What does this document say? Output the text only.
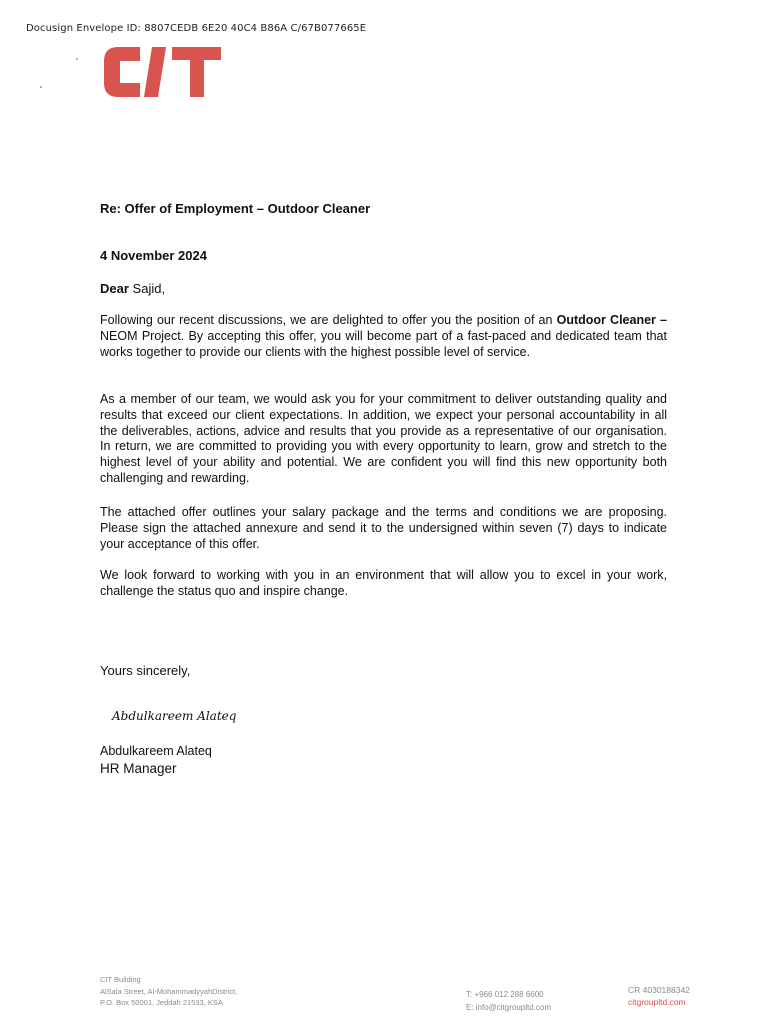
Docusign Envelope ID: 8807CEDB 6E20 40C4 B86A C/67B077665E
Re: Offer of Employment – Outdoor Cleaner
4 November 2024
Dear Sajid,
Following our recent discussions, we are delighted to offer you the position of an Outdoor Cleaner – NEOM Project. By accepting this offer, you will become part of a fast-paced and dedicated team that works together to provide our clients with the highest possible level of service.
As a member of our team, we would ask you for your commitment to deliver outstanding quality and results that exceed our client expectations. In addition, we expect your personal accountability in all the deliverables, actions, advice and results that you provide as a representative of our organisation. In return, we are committed to providing you with every opportunity to learn, grow and stretch to the highest level of your ability and potential. We are confident you will find this new opportunity both challenging and rewarding.
The attached offer outlines your salary package and the terms and conditions we are proposing. Please sign the attached annexure and send it to the undersigned within seven (7) days to indicate your acceptance of this offer.
We look forward to working with you in an environment that will allow you to excel in your work, challenge the status quo and inspire change.
Yours sincerely,
Abdulkareem Alateq
Abdulkareem Alateq
HR Manager
CIT Building
AlSala Street, Al-MohammadyyahDistrict,
P.O. Box 50001, Jeddah 21533, KSA
T: +966 012 288 6600
E: info@citgroupltd.com
CR 4030188342
citgroupltd.com
